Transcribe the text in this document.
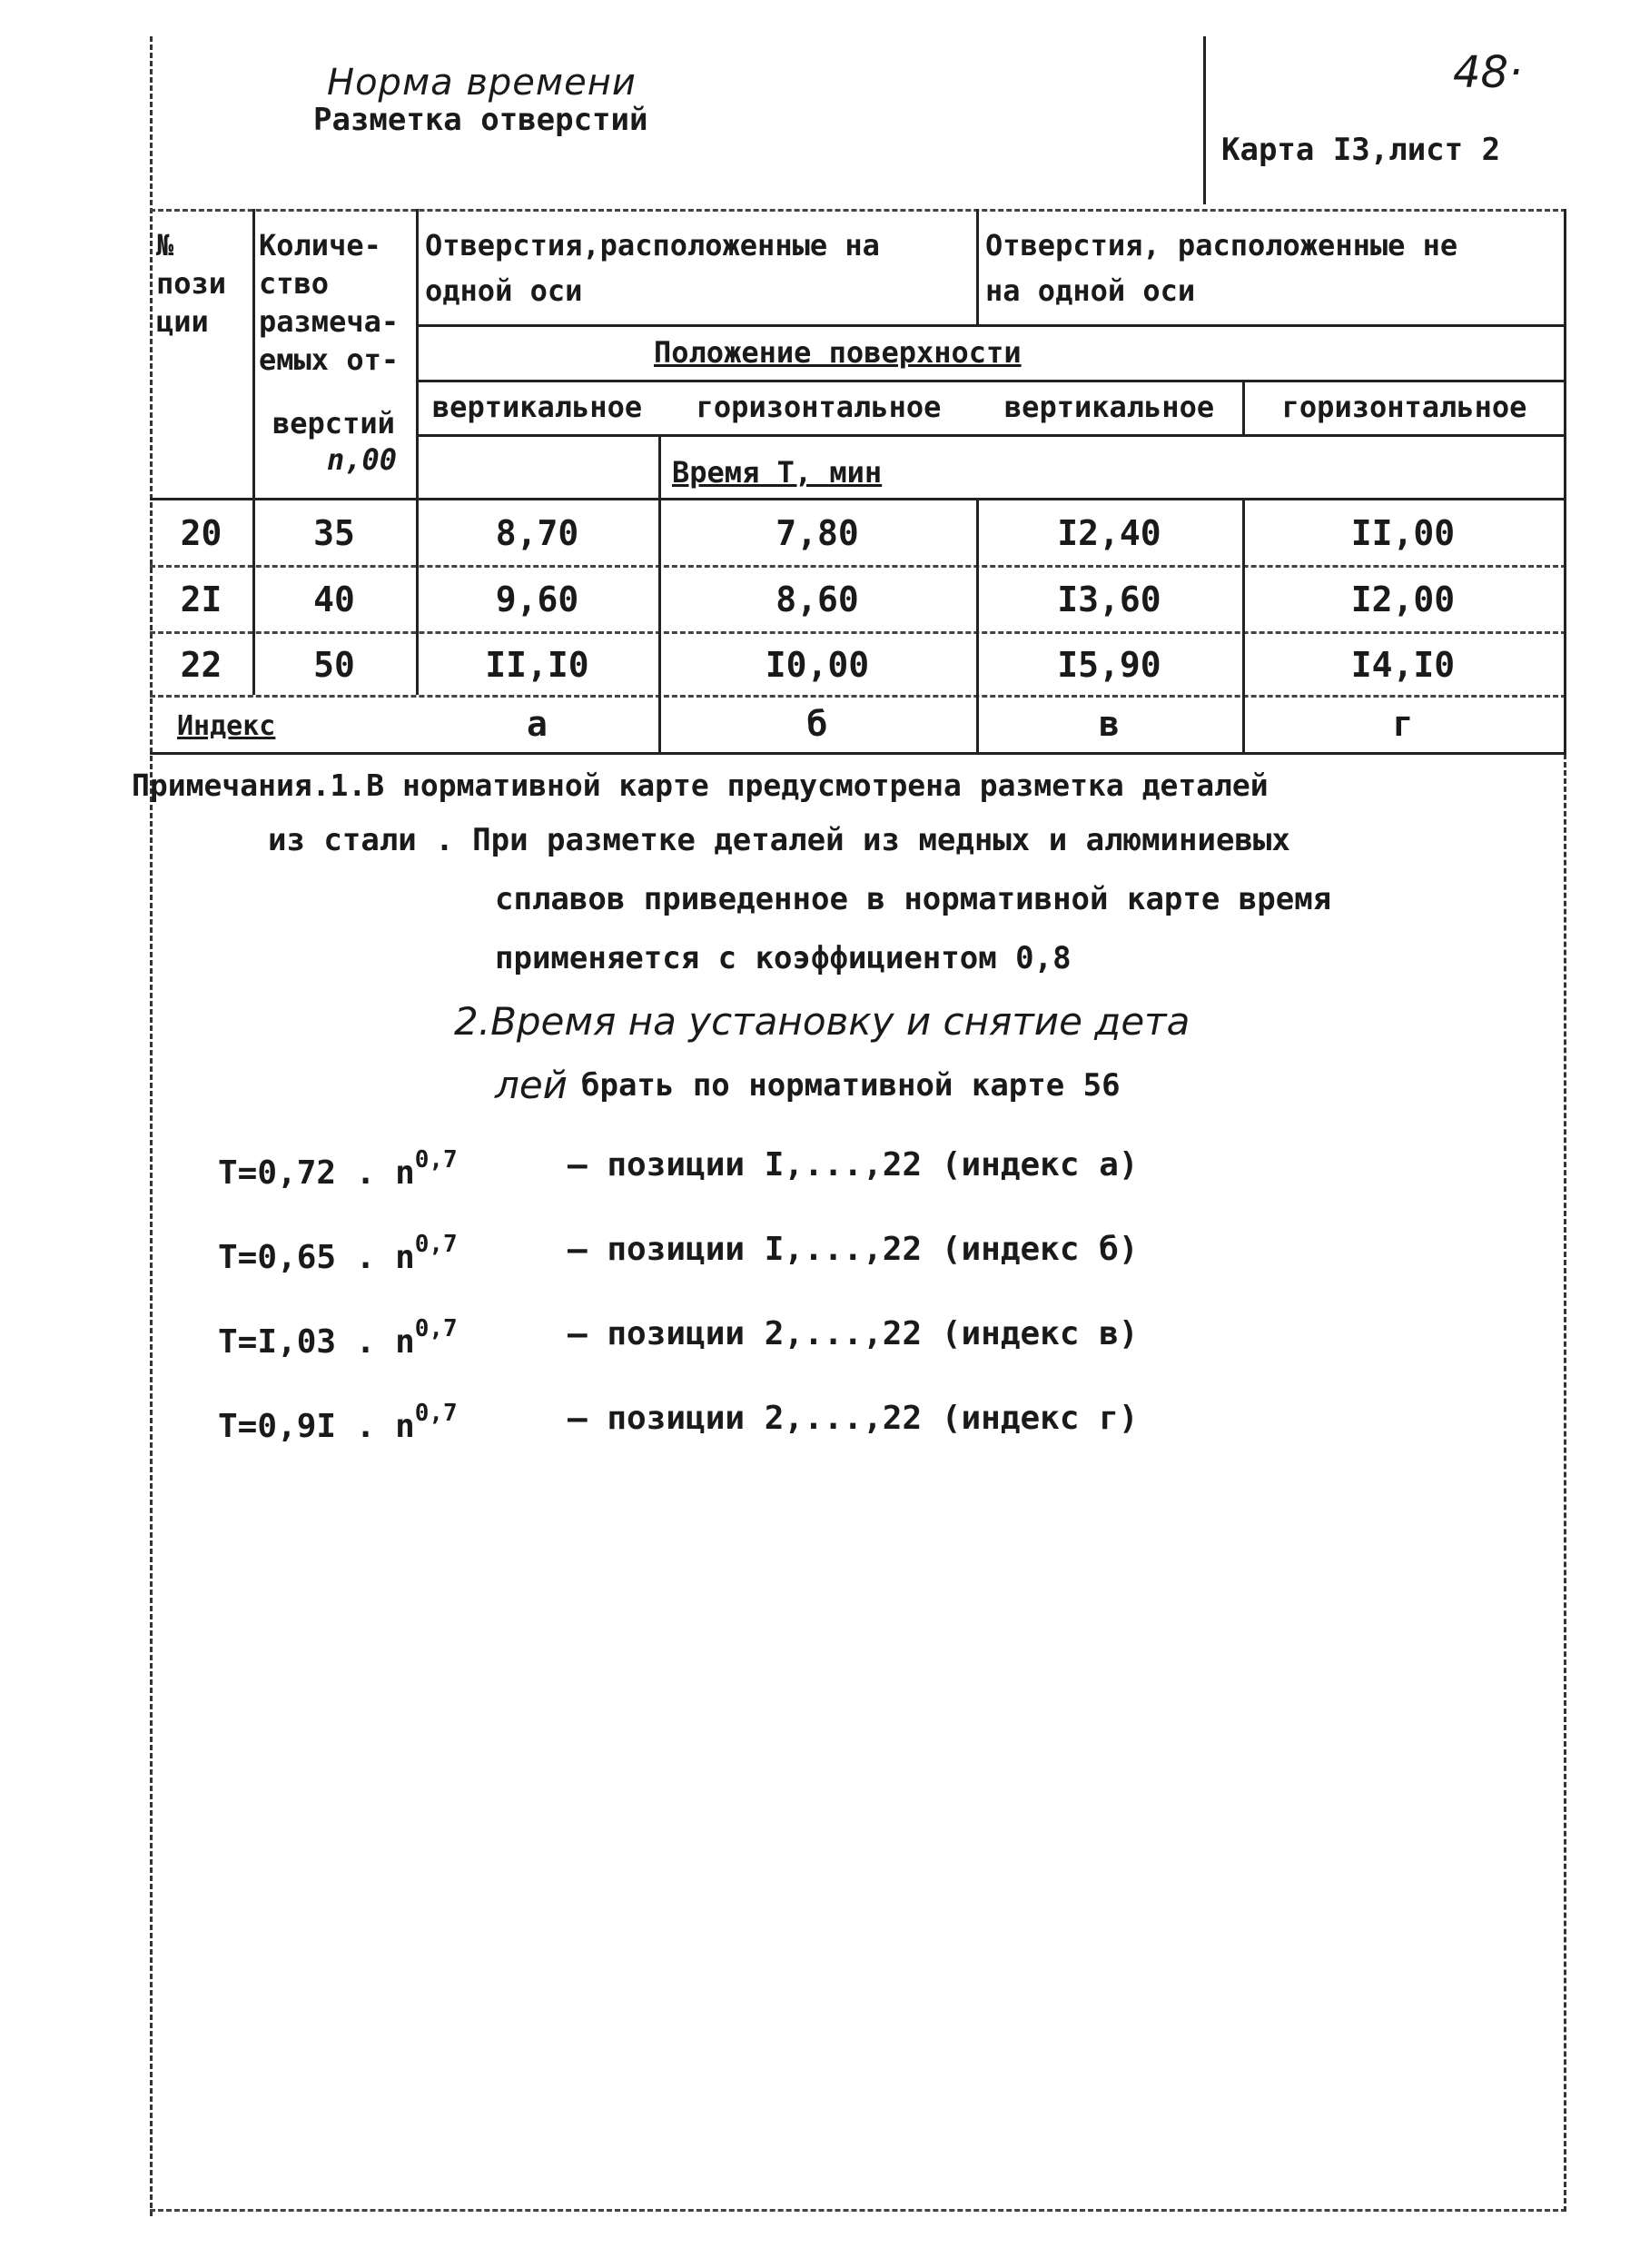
Норма времени
Разметка отверстий
48·
Карта I3,лист 2
№
пози
ции
Количе-
ство
размеча-
емых от-
верстий
n,00
Отверстия,расположенные на
одной оси
Отверстия, расположенные не
на одной оси
Положение поверхности
вертикальное	горизонтальное	вертикальное	горизонтальное
Время Т, мин
20	35	8,70	7,80	I2,40	II,00
2I	40	9,60	8,60	I3,60	I2,00
22	50	II,I0	I0,00	I5,90	I4,I0
Индекс	а	б	в	г
Примечания.1.В нормативной карте предусмотрена разметка деталей
из стали . При разметке деталей из медных и алюминиевых
сплавов приведенное в нормативной карте время
применяется с коэффициентом 0,8
2.Время на установку и снятие дета
лей брать по нормативной карте 56
Т=0,72 . $n^{0,7}$	– позиции I,...,22 (индекс а)
Т=0,65 . $n^{0,7}$	– позиции I,...,22 (индекс б)
Т=I,03 . $n^{0,7}$	– позиции 2,...,22 (индекс в)
Т=0,9I . $n^{0,7}$	– позиции 2,...,22 (индекс г)
